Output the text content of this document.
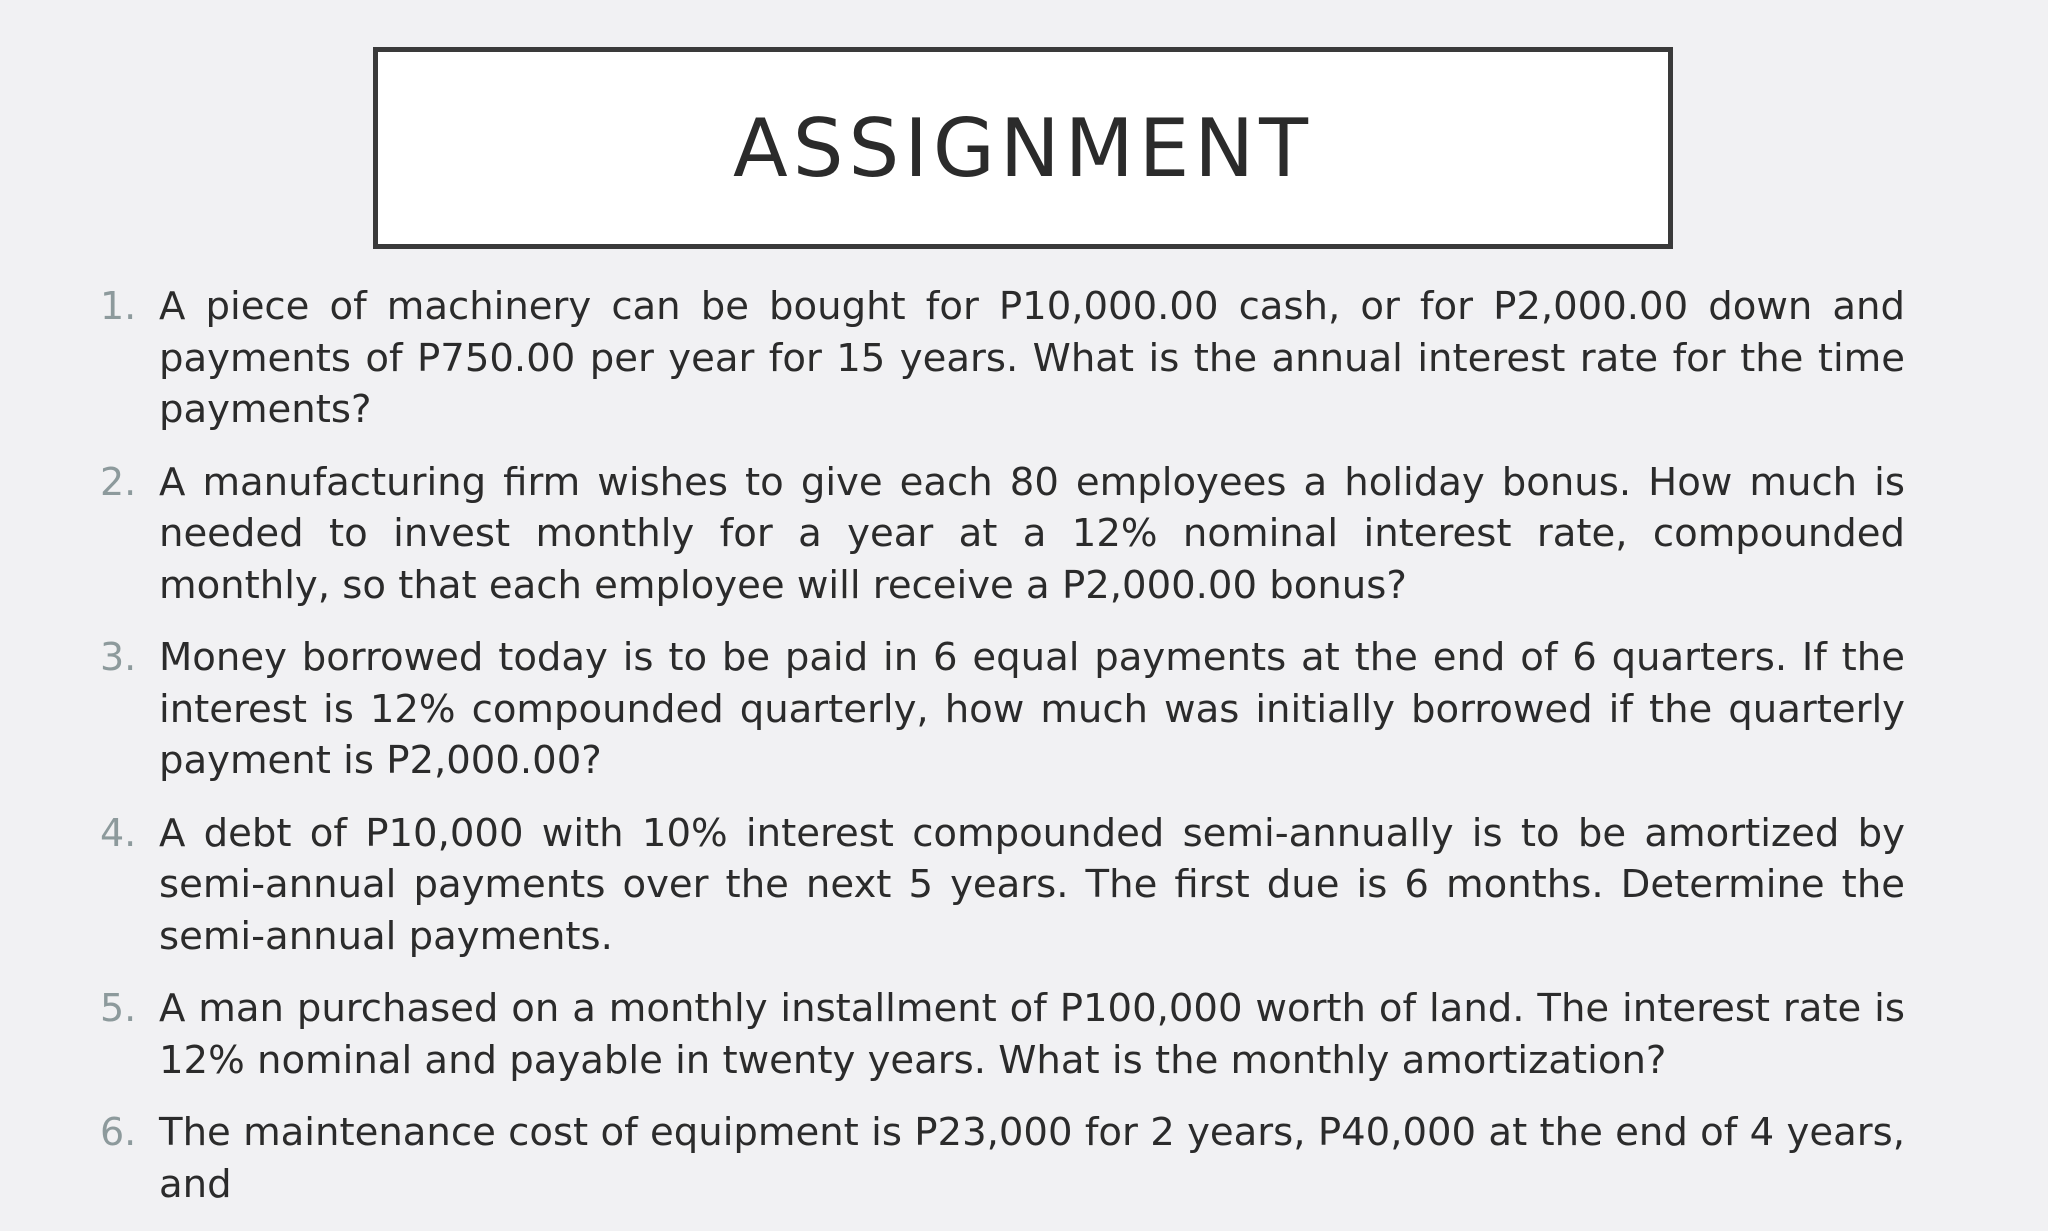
ASSIGNMENT
1. A piece of machinery can be bought for P10,000.00 cash, or for P2,000.00 down and payments of P750.00 per year for 15 years. What is the annual interest rate for the time payments?
2. A manufacturing firm wishes to give each 80 employees a holiday bonus. How much is needed to invest monthly for a year at a 12% nominal interest rate, compounded monthly, so that each employee will receive a P2,000.00 bonus?
3. Money borrowed today is to be paid in 6 equal payments at the end of 6 quarters. If the interest is 12% compounded quarterly, how much was initially borrowed if the quarterly payment is P2,000.00?
4. A debt of P10,000 with 10% interest compounded semi-annually is to be amortized by semi-annual payments over the next 5 years. The first due is 6 months. Determine the semi-annual payments.
5. A man purchased on a monthly installment of P100,000 worth of land. The interest rate is 12% nominal and payable in twenty years. What is the monthly amortization?
6. The maintenance cost of equipment is P23,000 for 2 years, P40,000 at the end of 4 years, and
